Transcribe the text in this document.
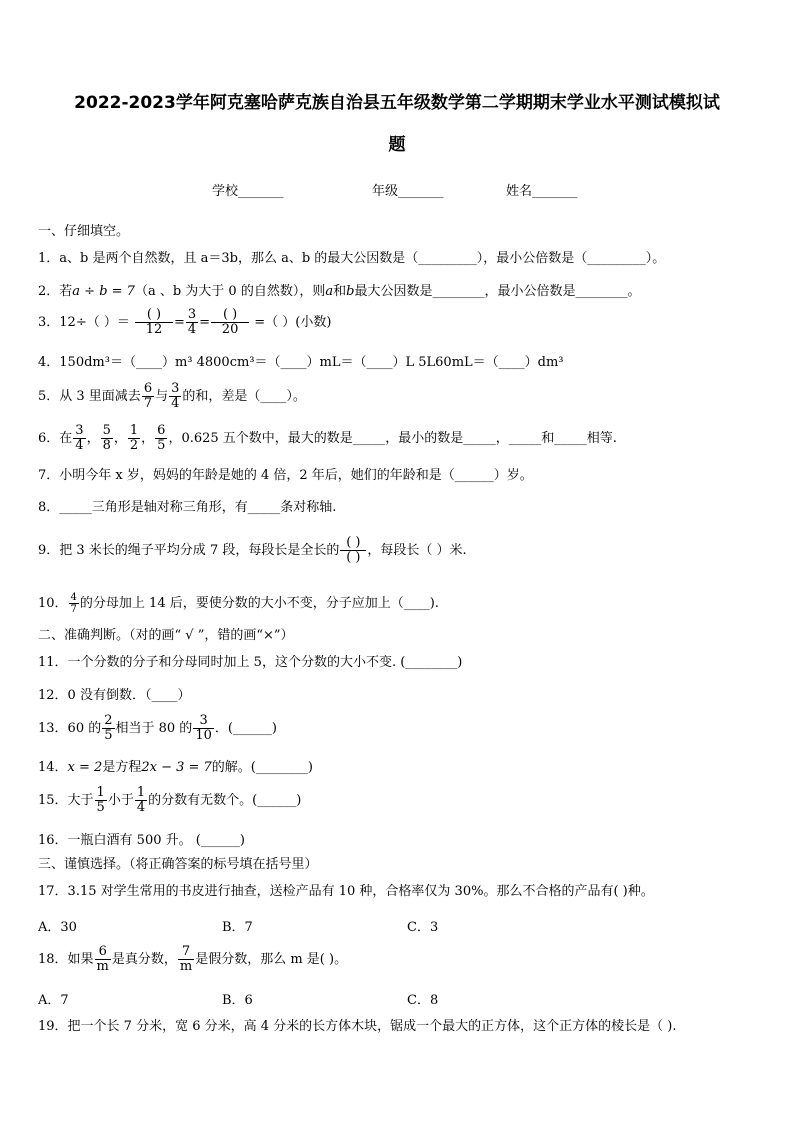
2022-2023学年阿克塞哈萨克族自治县五年级数学第二学期期末学业水平测试模拟试
题
学校_______	年级_______	姓名_______
一、仔细填空。
1．a、b 是两个自然数，且 a＝3b，那么 a、b 的最大公因数是（_________），最小公倍数是（_________）。
2．若a ÷ b = 7（a 、b 为大于 0 的自然数），则a和b最大公因数是________，最小公倍数是________。
3．12÷（ ）＝ $\frac{( )}{12} = \frac{3}{4} = \frac{( )}{20}$ =（ ）(小数)
4．150dm³＝（____）m³ 4800cm³＝（____）mL＝（____）L 5L60mL＝（____）dm³
5．从 3 里面减去 $\frac{6}{7}$ 与 $\frac{3}{4}$ 的和，差是（____）。
6．在 $\frac{3}{4}$ ， $\frac{5}{8}$ ， $\frac{1}{2}$ ， $\frac{6}{5}$ ，0.625 五个数中，最大的数是_____，最小的数是_____，_____和_____相等.
7．小明今年 x 岁，妈妈的年龄是她的 4 倍，2 年后，她们的年龄和是（______）岁。
8．_____三角形是轴对称三角形，有_____条对称轴.
9．把 3 米长的绳子平均分成 7 段，每段长是全长的 $\frac{( )}{( )}$ ，每段长（ ）米.
10． $\frac{4}{7}$ 的分母加上 14 后，要使分数的大小不变，分子应加上（____).
二、准确判断。（对的画“ √ ”，错的画“×”）
11．一个分数的分子和分母同时加上 5，这个分数的大小不变. (________)
12．0 没有倒数．（____）
13．60 的 $\frac{2}{5}$ 相当于 80 的 $\frac{3}{10}$ ．(______)
14．x = 2是方程2x − 3 = 7的解。(________)
15．大于 $\frac{1}{5}$ 小于 $\frac{1}{4}$ 的分数有无数个。(______)
16．一瓶白酒有 500 升。 (______)
三、谨慎选择。（将正确答案的标号填在括号里）
17．3.15 对学生常用的书皮进行抽查，送检产品有 10 种，合格率仅为 30%。那么不合格的产品有( )种。
A．30	B．7	C．3
18．如果 $\frac{6}{m}$ 是真分数， $\frac{7}{m}$ 是假分数，那么 m 是( )。
A．7	B．6	C．8
19．把一个长 7 分米，宽 6 分米，高 4 分米的长方体木块，锯成一个最大的正方体，这个正方体的棱长是（ ).
